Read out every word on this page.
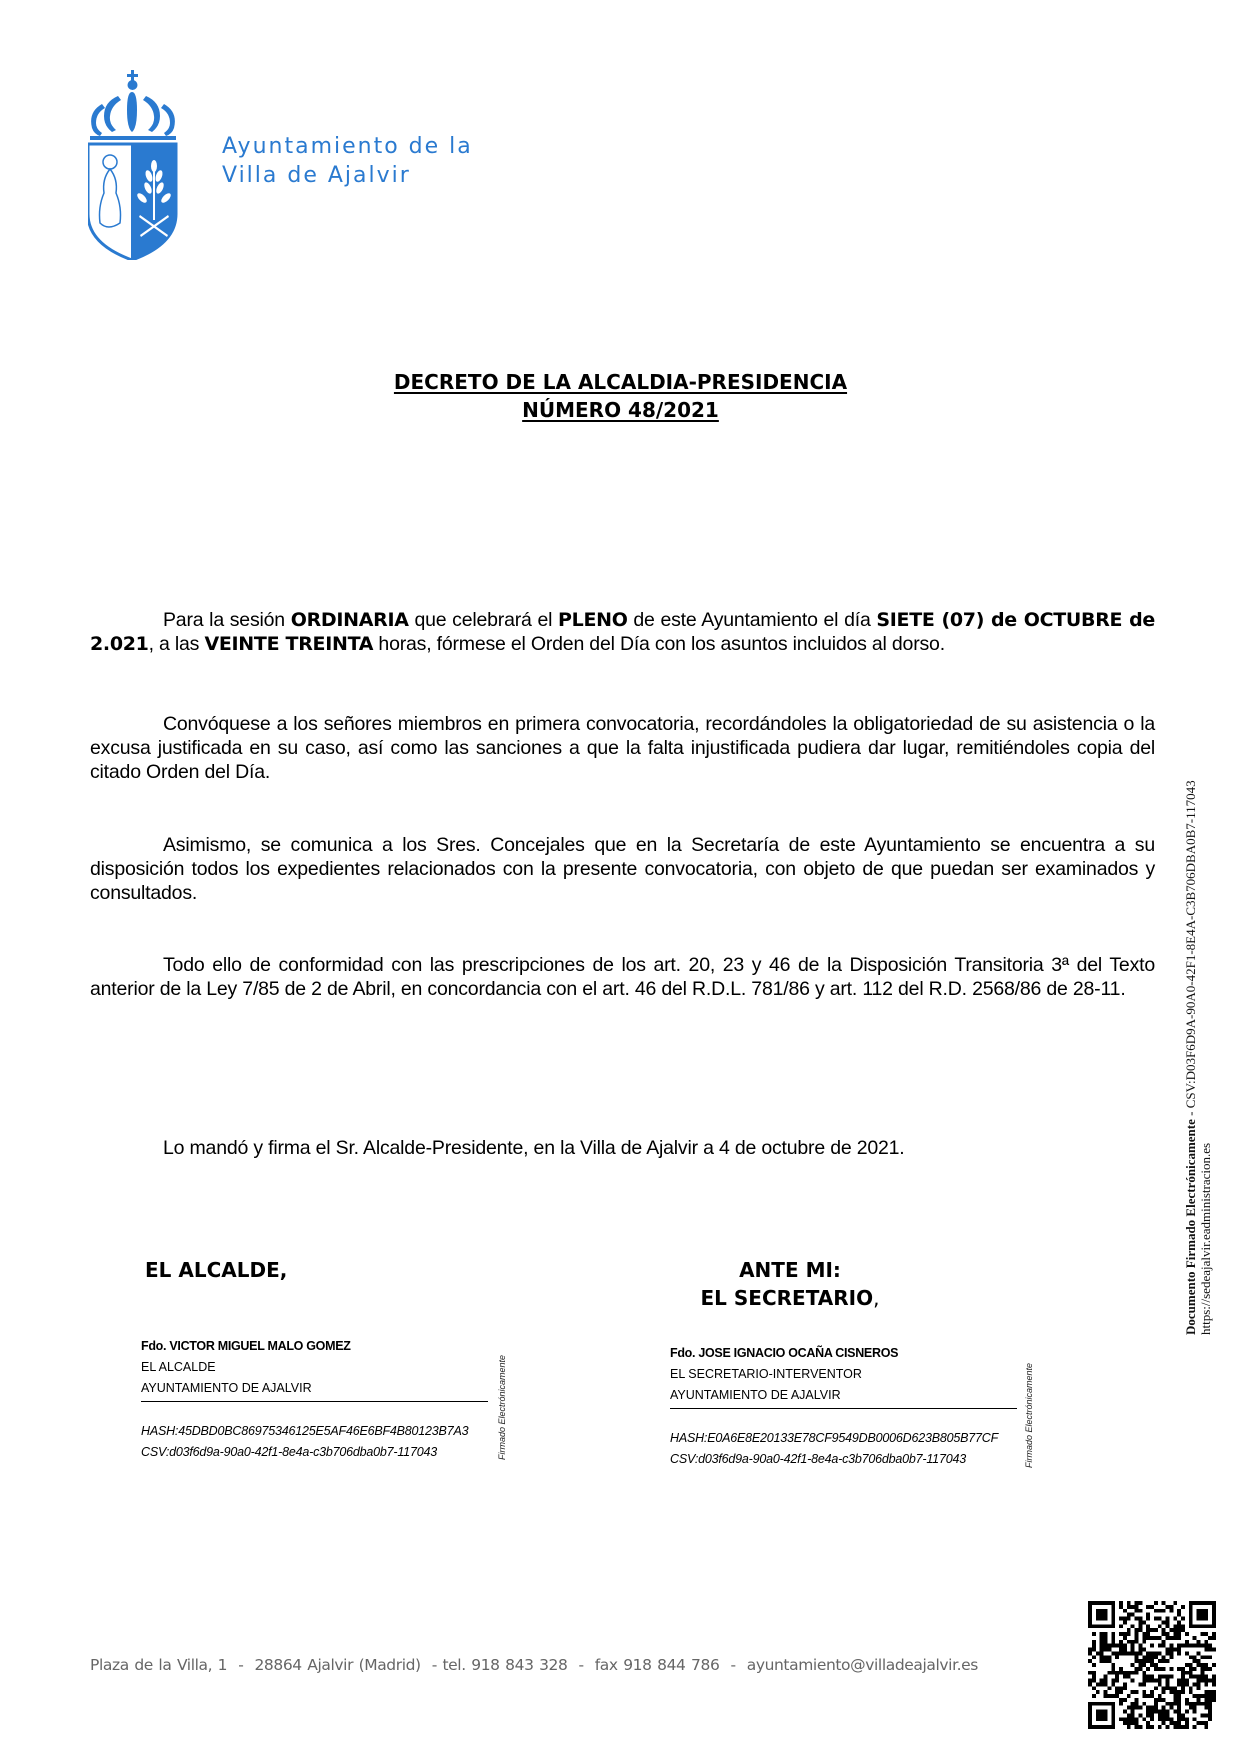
Ayuntamiento de la
Villa de Ajalvir
DECRETO DE LA ALCALDIA-PRESIDENCIA
NÚMERO 48/2021
Para la sesión ORDINARIA que celebrará el PLENO de este Ayuntamiento el día SIETE (07) de OCTUBRE de 2.021, a las VEINTE TREINTA horas, fórmese el Orden del Día con los asuntos incluidos al dorso.
Convóquese a los señores miembros en primera convocatoria, recordándoles la obligatoriedad de su asistencia o la excusa justificada en su caso, así como las sanciones a que la falta injustificada pudiera dar lugar, remitiéndoles copia del citado Orden del Día.
Asimismo, se comunica a los Sres. Concejales que en la Secretaría de este Ayuntamiento se encuentra a su disposición todos los expedientes relacionados con la presente convocatoria, con objeto de que puedan ser examinados y consultados.
Todo ello de conformidad con las prescripciones de los art. 20, 23 y 46 de la Disposición Transitoria 3ª del Texto anterior de la Ley 7/85 de 2 de Abril, en concordancia con el art. 46 del R.D.L. 781/86 y art. 112 del R.D. 2568/86 de 28-11.
Lo mandó y firma el Sr. Alcalde-Presidente, en la Villa de Ajalvir a 4 de octubre de 2021.
EL ALCALDE,	ANTE MI:
EL SECRETARIO,
Fdo. VICTOR MIGUEL MALO GOMEZ
EL ALCALDE
AYUNTAMIENTO DE AJALVIR
HASH:45DBD0BC86975346125E5AF46E6BF4B80123B7A3
CSV:d03f6d9a-90a0-42f1-8e4a-c3b706dba0b7-117043	Firmado Electrónicamente
Fdo. JOSE IGNACIO OCAÑA CISNEROS
EL SECRETARIO-INTERVENTOR
AYUNTAMIENTO DE AJALVIR
HASH:E0A6E8E20133E78CF9549DB0006D623B805B77CF
CSV:d03f6d9a-90a0-42f1-8e4a-c3b706dba0b7-117043	Firmado Electrónicamente
Documento Firmado Electrónicamente - CSV:D03F6D9A-90A0-42F1-8E4A-C3B706DBA0B7-117043
https://sedeajalvir.eadministracion.es
Plaza de la Villa, 1  -  28864 Ajalvir (Madrid)  - tel. 918 843 328  -  fax 918 844 786  -  ayuntamiento@villadeajalvir.es
